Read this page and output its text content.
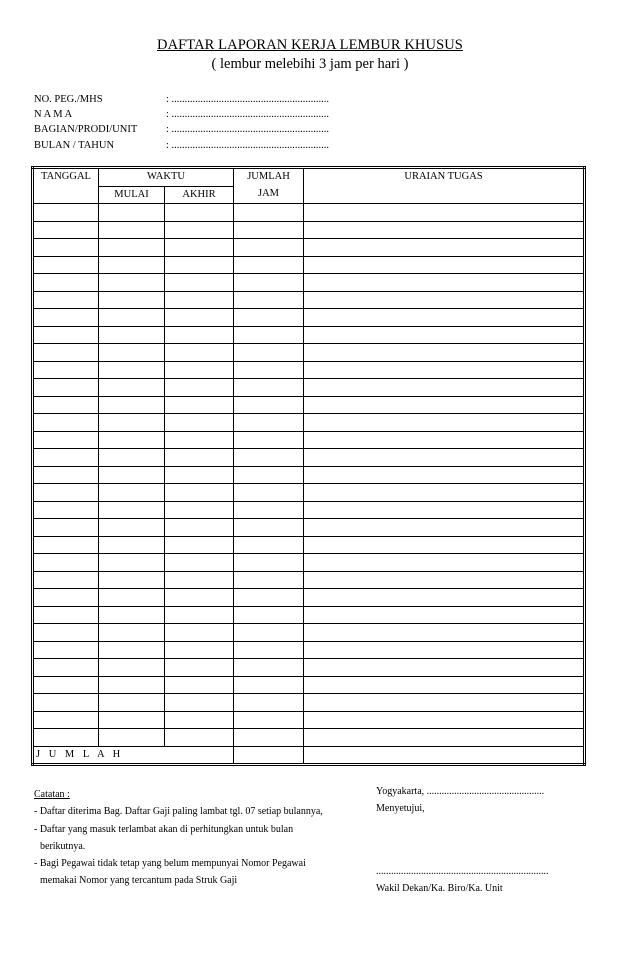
DAFTAR LAPORAN KERJA LEMBUR KHUSUS
( lembur melebihi 3 jam per hari )
NO. PEG./MHS	: ............................................................
N A M A	: ............................................................
BAGIAN/PRODI/UNIT	: ............................................................
BULAN / TAHUN	: ............................................................
TANGGAL	WAKTU		JUMLAH	URAIAN TUGAS
	MULAI	AKHIR	JAM	

J U M L A H				
Catatan :
- Daftar diterima Bag. Daftar Gaji paling lambat tgl. 07 setiap bulannya,
- Daftar yang masuk terlambat akan di perhitungkan untuk bulan
berikutnya.
- Bagi Pegawai tidak tetap yang belum mempunyai Nomor Pegawai
memakai Nomor yang tercantum pada Struk Gaji
Yogyakarta, ...............................................
Menyetujui,
.....................................................................
Wakil Dekan/Ka. Biro/Ka. Unit
